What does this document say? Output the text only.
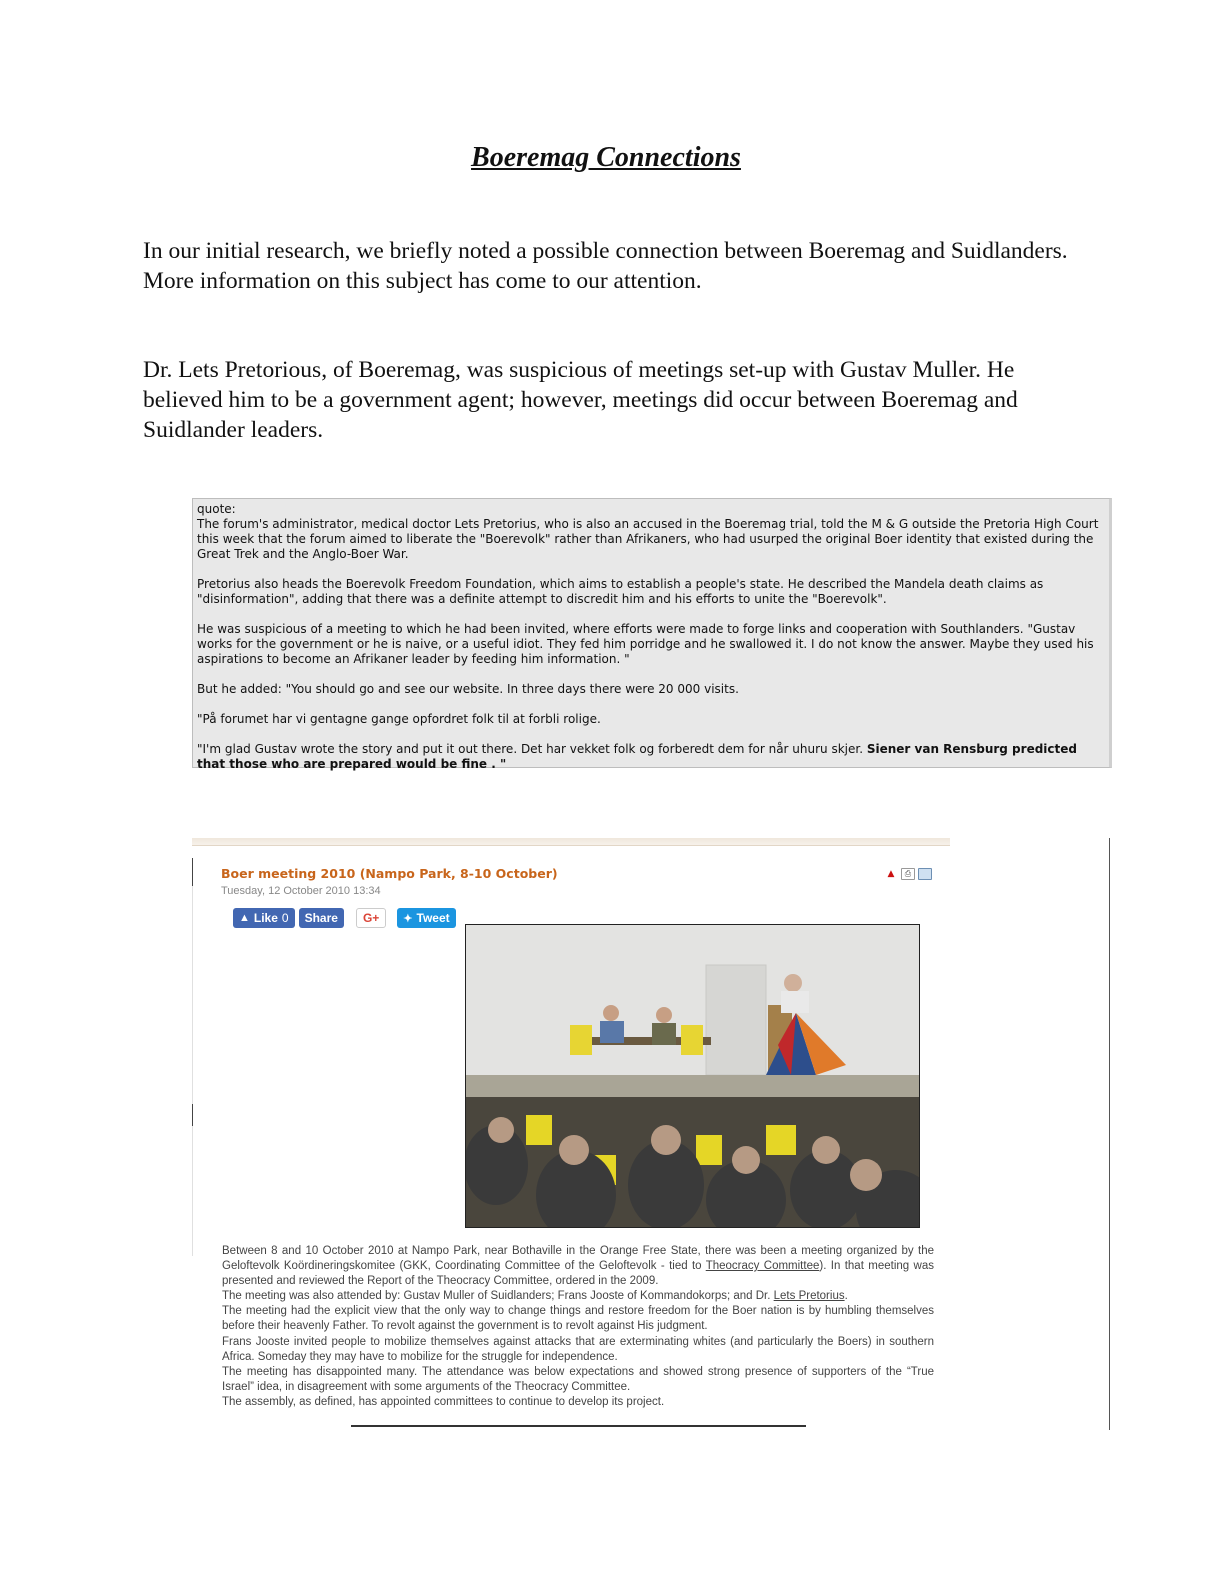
Boeremag Connections

In our initial research, we briefly noted a possible connection between Boeremag and Suidlanders. More information on this subject has come to our attention.

Dr. Lets Pretorious, of Boeremag, was suspicious of meetings set-up with Gustav Muller. He believed him to be a government agent; however, meetings did occur between Boeremag and Suidlander leaders.

quote:

The forum's administrator, medical doctor Lets Pretorius, who is also an accused in the Boeremag trial, told the M & G outside the Pretoria High Court this week that the forum aimed to liberate the "Boerevolk" rather than Afrikaners, who had usurped the original Boer identity that existed during the Great Trek and the Anglo-Boer War.

Pretorius also heads the Boerevolk Freedom Foundation, which aims to establish a people's state. He described the Mandela death claims as "disinformation", adding that there was a definite attempt to discredit him and his efforts to unite the "Boerevolk".

He was suspicious of a meeting to which he had been invited, where efforts were made to forge links and cooperation with Southlanders. "Gustav works for the government or he is naive, or a useful idiot. They fed him porridge and he swallowed it. I do not know the answer. Maybe they used his aspirations to become an Afrikaner leader by feeding him information. "

But he added: "You should go and see our website. In three days there were 20 000 visits.

"På forumet har vi gentagne gange opfordret folk til at forbli rolige.

"I'm glad Gustav wrote the story and put it out there. Det har vekket folk og forberedt dem for når uhuru skjer. Siener van Rensburg predicted that those who are prepared would be fine . "

Boer meeting 2010 (Nampo Park, 8-10 October)
Tuesday, 12 October 2010 13:34
▲	⎙
▲ Like 0 Share G+ ✦ Tweet

Between 8 and 10 October 2010 at Nampo Park, near Bothaville in the Orange Free State, there was been a meeting organized by the Geloftevolk Koördineringskomitee (GKK, Coordinating Committee of the Geloftevolk - tied to Theocracy Committee). In that meeting was presented and reviewed the Report of the Theocracy Committee, ordered in the 2009.

The meeting was also attended by: Gustav Muller of Suidlanders; Frans Jooste of Kommandokorps; and Dr. Lets Pretorius.

The meeting had the explicit view that the only way to change things and restore freedom for the Boer nation is by humbling themselves before their heavenly Father. To revolt against the government is to revolt against His judgment.

Frans Jooste invited people to mobilize themselves against attacks that are exterminating whites (and particularly the Boers) in southern Africa. Someday they may have to mobilize for the struggle for independence.

The meeting has disappointed many. The attendance was below expectations and showed strong presence of supporters of the “True Israel” idea, in disagreement with some arguments of the Theocracy Committee.

The assembly, as defined, has appointed committees to continue to develop its project.
